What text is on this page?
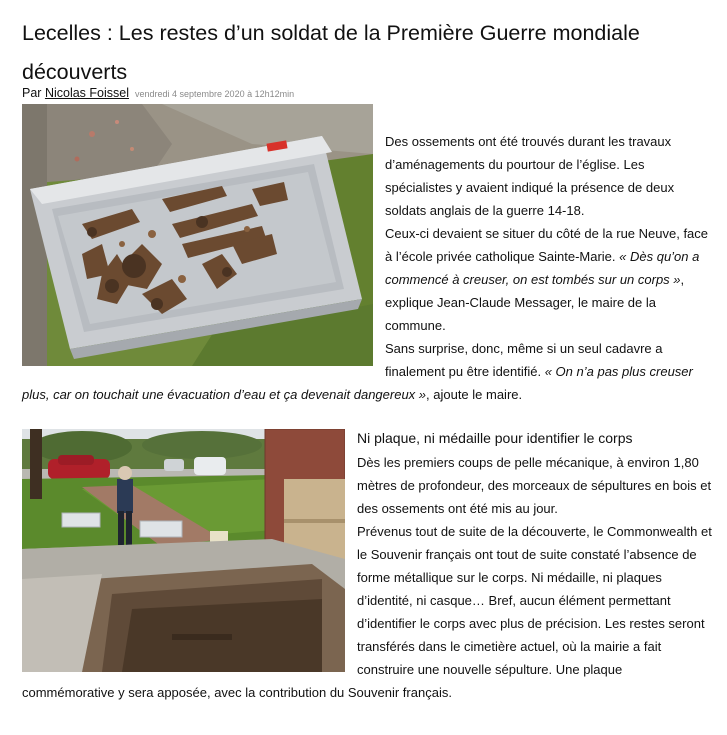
Lecelles : Les restes d’un soldat de la Première Guerre mondiale découverts
Par Nicolas Foissel vendredi 4 septembre 2020 à 12h12min

Des ossements ont été trouvés durant les travaux d’aménagements du pourtour de l’église. Les spécialistes y avaient indiqué la présence de deux soldats anglais de la guerre 14-18.

Ceux-ci devaient se situer du côté de la rue Neuve, face à l’école privée catholique Sainte-Marie. « Dès qu’on a commencé à creuser, on est tombés sur un corps », explique Jean-Claude Messager, le maire de la commune.

Sans surprise, donc, même si un seul cadavre a finalement pu être identifié. « On n’a pas plus creuser plus, car on touchait une évacuation d’eau et ça devenait dangereux », ajoute le maire.

Ni plaque, ni médaille pour identifier le corps

Dès les premiers coups de pelle mécanique, à environ 1,80 mètres de profondeur, des morceaux de sépultures en bois et des ossements ont été mis au jour.

Prévenus tout de suite de la découverte, le Commonwealth et le Souvenir français ont tout de suite constaté l’absence de forme métallique sur le corps. Ni médaille, ni plaques d’identité, ni casque… Bref, aucun élément permettant d’identifier le corps avec plus de précision. Les restes seront transférés dans le cimetière actuel, où la mairie a fait construire une nouvelle sépulture. Une plaque commémorative y sera apposée, avec la contribution du Souvenir français.
